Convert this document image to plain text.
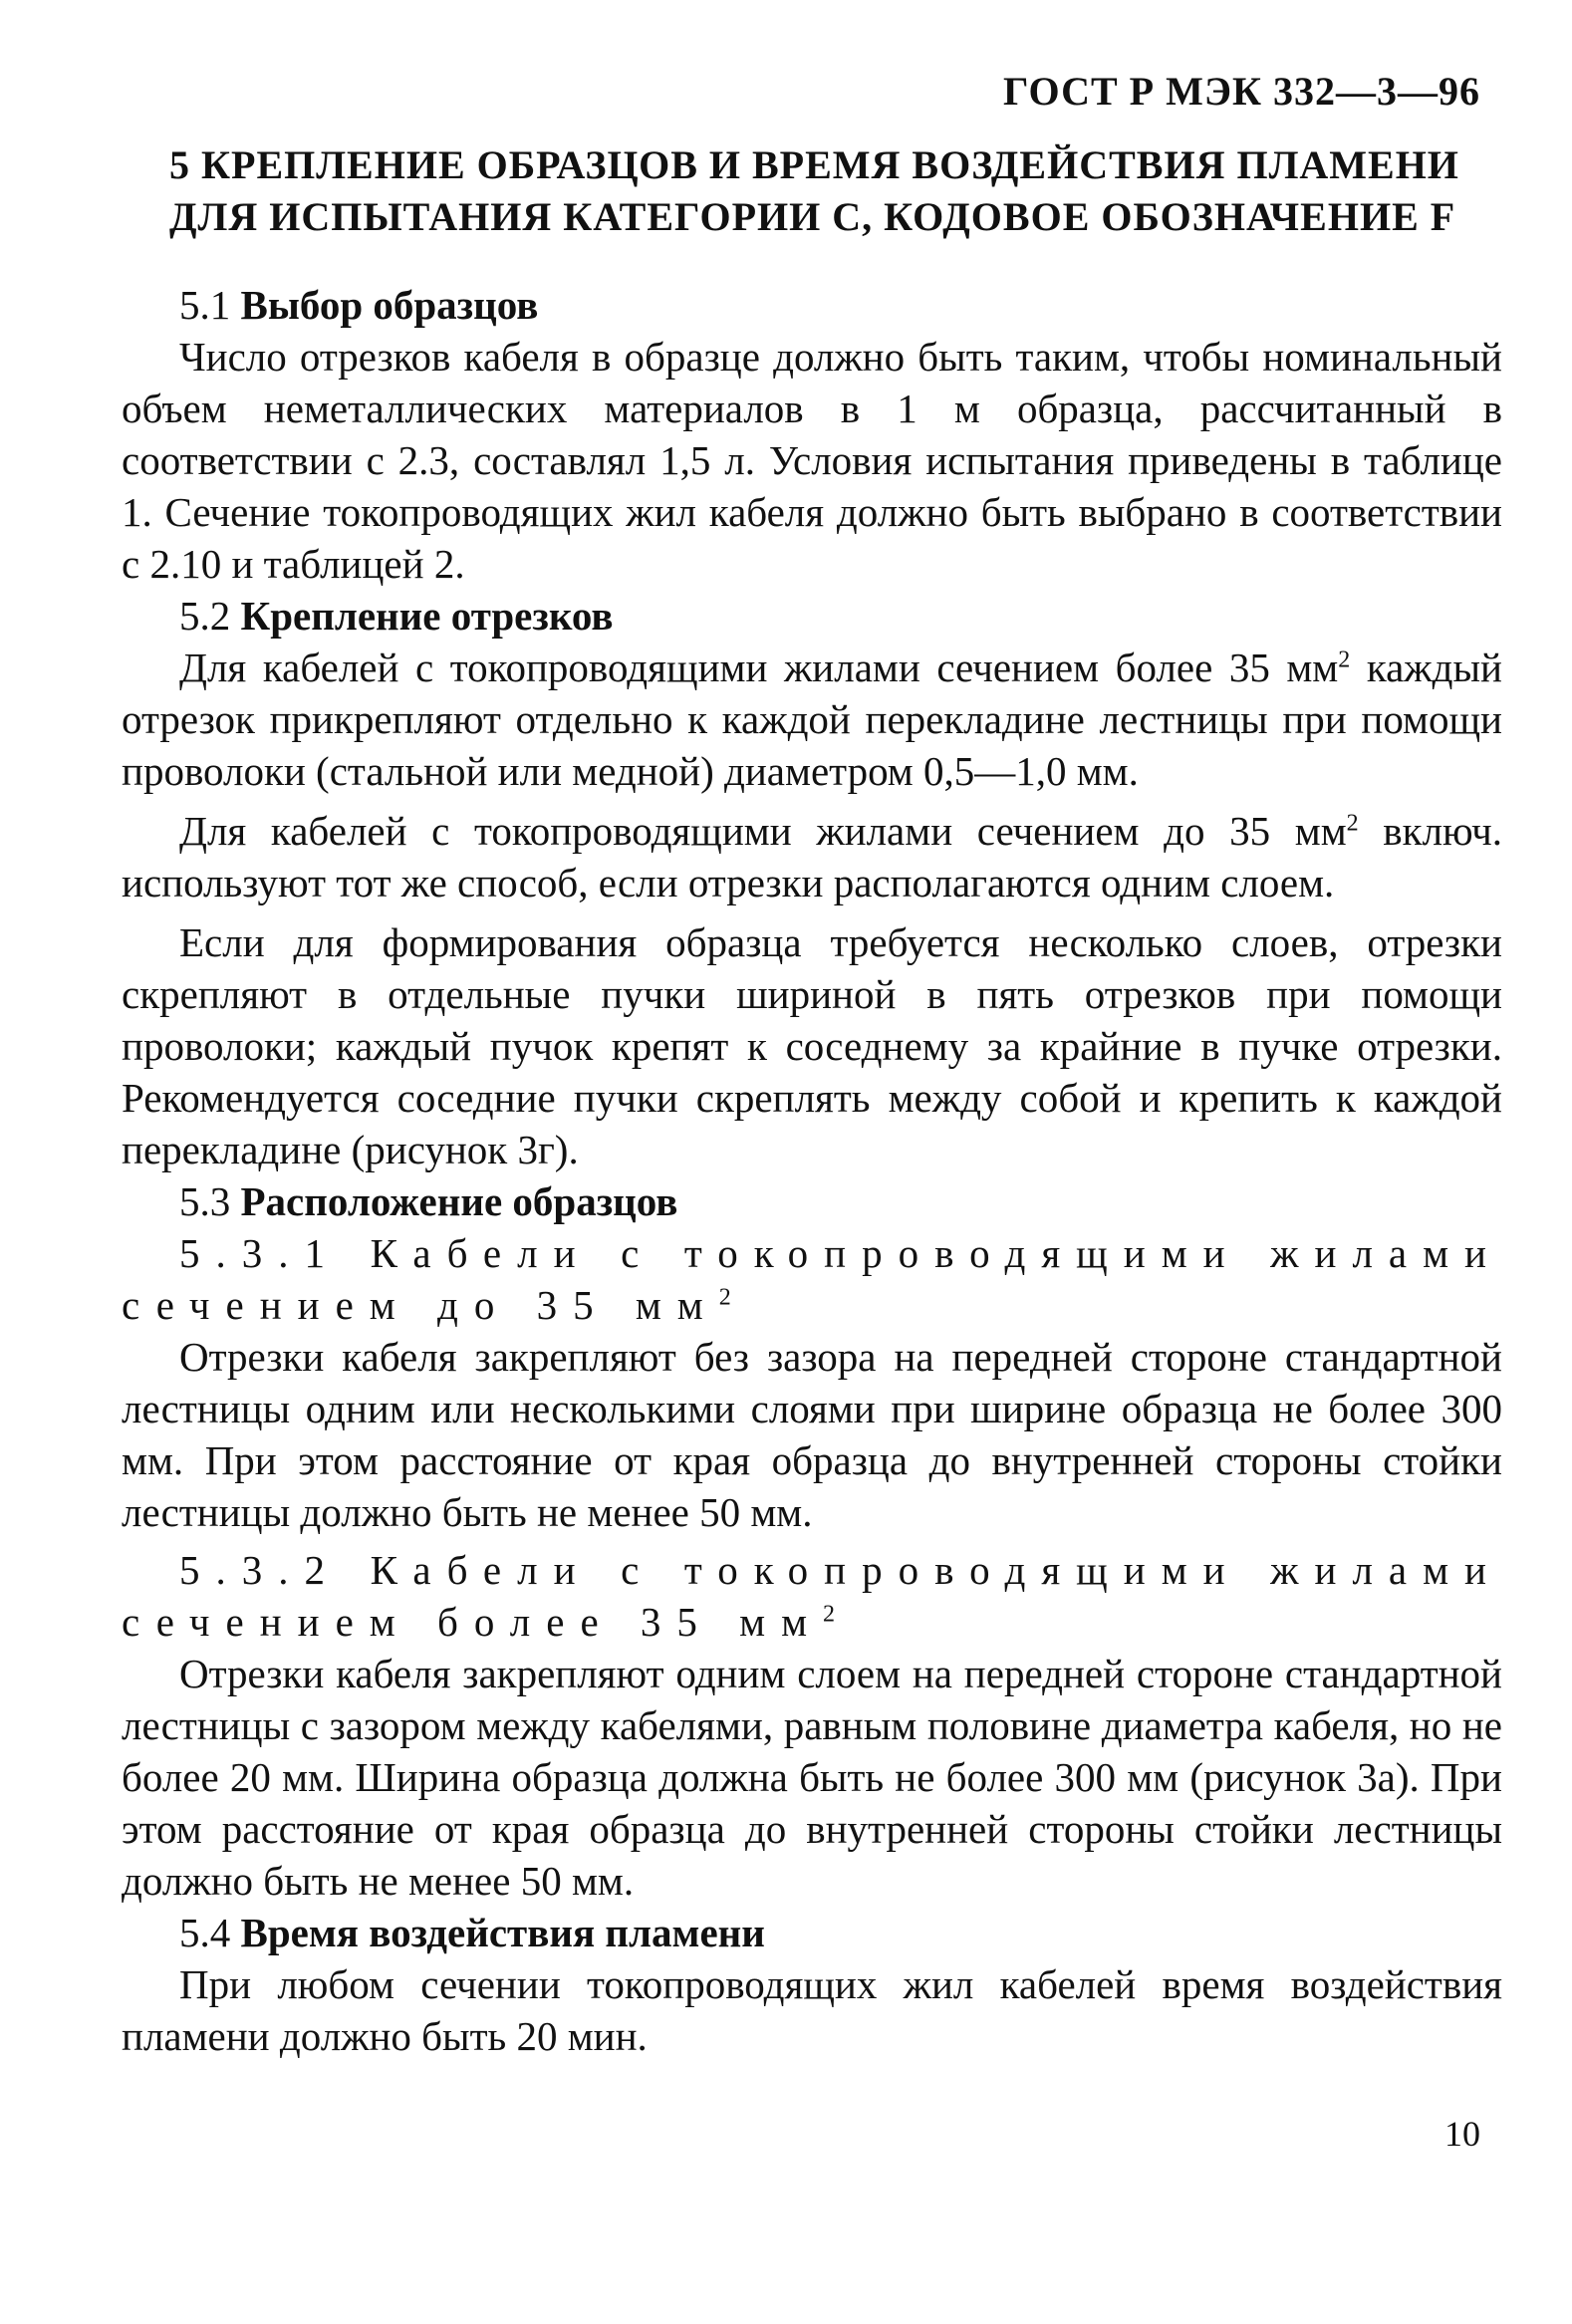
ГОСТ Р МЭК 332—3—96
5 КРЕПЛЕНИЕ ОБРАЗЦОВ И ВРЕМЯ ВОЗДЕЙСТВИЯ ПЛАМЕНИ ДЛЯ ИСПЫТАНИЯ КАТЕГОРИИ С, КОДОВОЕ ОБОЗНАЧЕНИЕ F

5.1 Выбор образцов

Число отрезков кабеля в образце должно быть таким, чтобы номинальный объем неметаллических материалов в 1 м образца, рассчитанный в соответствии с 2.3, составлял 1,5 л. Условия испытания приведены в таблице 1. Сечение токопроводящих жил кабеля должно быть выбрано в соответствии с 2.10 и таблицей 2.

5.2 Крепление отрезков

Для кабелей с токопроводящими жилами сечением более 35 $мм^2$ каждый отрезок прикрепляют отдельно к каждой перекладине лестницы при помощи проволоки (стальной или медной) диаметром 0,5—1,0 мм.

Для кабелей с токопроводящими жилами сечением до 35 $мм^2$ включ. используют тот же способ, если отрезки располагаются одним слоем.

Если для формирования образца требуется несколько слоев, отрезки скрепляют в отдельные пучки шириной в пять отрезков при помощи проволоки; каждый пучок крепят к соседнему за крайние в пучке отрезки. Рекомендуется соседние пучки скреплять между собой и крепить к каждой перекладине (рисунок 3г).

5.3 Расположение образцов

5.3.1 Кабели с токопроводящими жилами сечением до 35 $мм^2$

Отрезки кабеля закрепляют без зазора на передней стороне стандартной лестницы одним или несколькими слоями при ширине образца не более 300 мм. При этом расстояние от края образца до внутренней стороны стойки лестницы должно быть не менее 50 мм.

5.3.2 Кабели с токопроводящими жилами сечением более 35 $мм^2$

Отрезки кабеля закрепляют одним слоем на передней стороне стандартной лестницы с зазором между кабелями, равным половине диаметра кабеля, но не более 20 мм. Ширина образца должна быть не более 300 мм (рисунок 3а). При этом расстояние от края образца до внутренней стороны стойки лестницы должно быть не менее 50 мм.

5.4 Время воздействия пламени

При любом сечении токопроводящих жил кабелей время воздействия пламени должно быть 20 мин.

10
